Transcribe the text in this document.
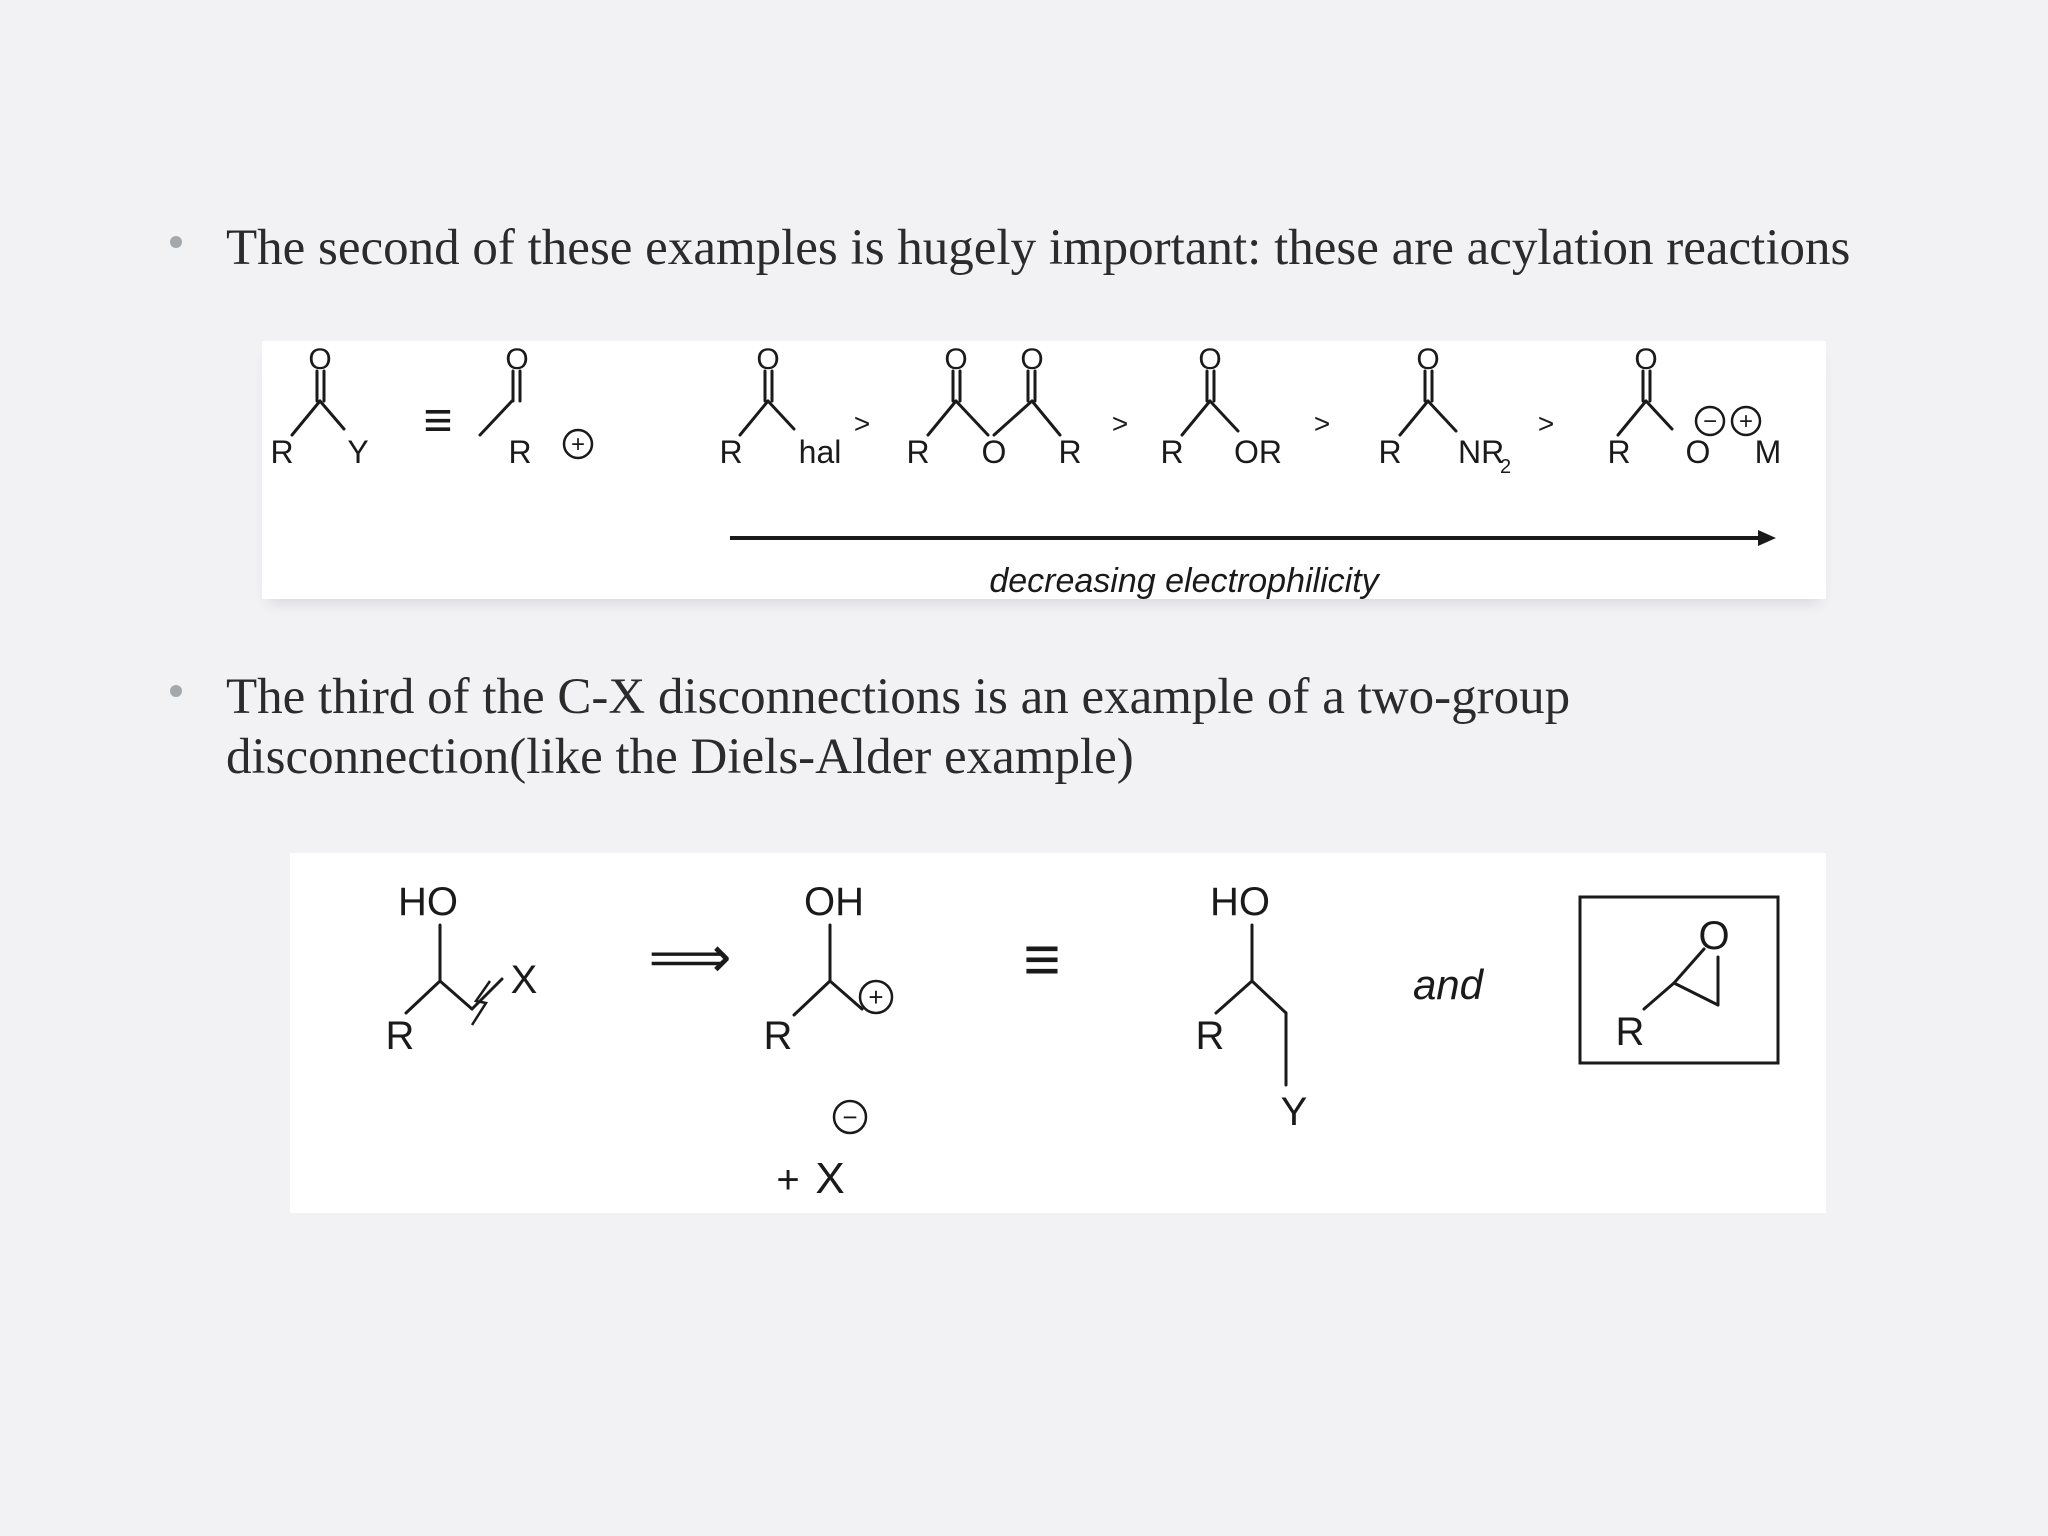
The second of these examples is hugely important: these are acylation reactions
O
R Y
≡
O
R +
O
R hal
>
O O
R O R
>
O
R OR
>
O
R NR
2
>
O
R O M
− +
decreasing electrophilicity
The third of the C-X disconnections is an example of a two-group
disconnection(like the Diels-Alder example)
HO
R
X ⟹
OH
R
+
+ X
−
≡
HO
R
Y
and
R
O
